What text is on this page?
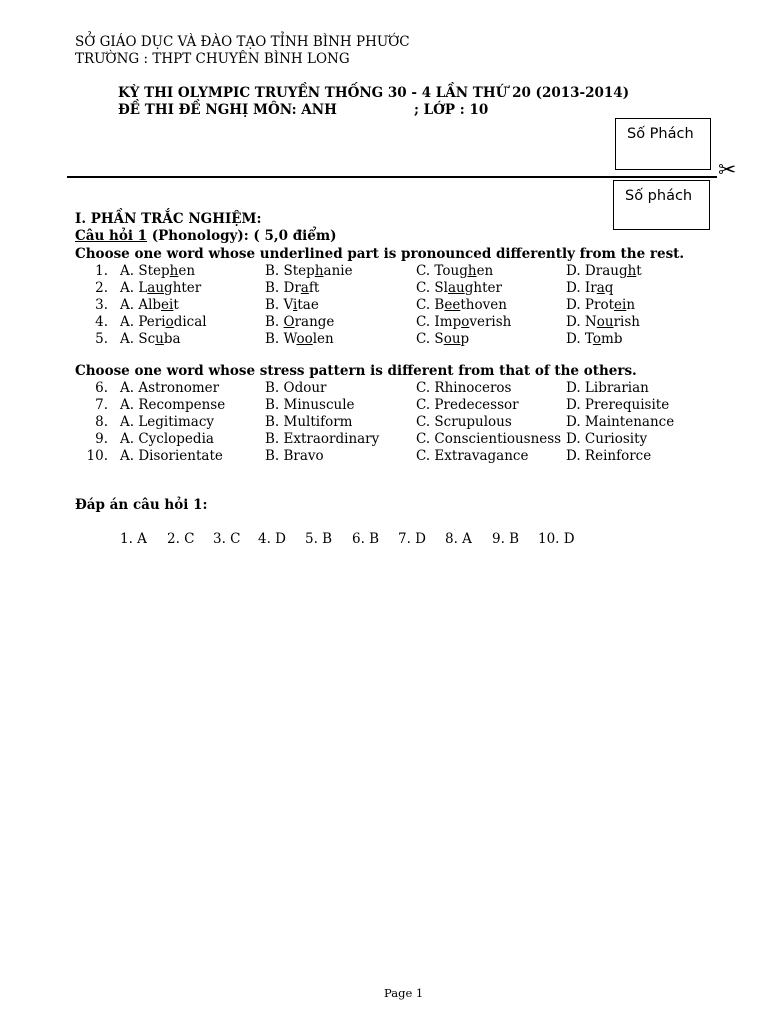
SỞ GIÁO DỤC VÀ ĐÀO TẠO TỈNH BÌNH PHƯỚC
TRƯỜNG : THPT CHUYÊN BÌNH LONG
KỲ THI OLYMPIC TRUYỀN THỐNG 30 - 4 LẦN THỨ 20 (2013-2014)
ĐỀ THI ĐỀ NGHỊ MÔN: ANH	; LỚP : 10
Số Phách
✂
Số phách
I. PHẦN TRẮC NGHIỆM:
Câu hỏi 1 (Phonology): ( 5,0 điểm)
Choose one word whose underlined part is pronounced differently from the rest.
1. A. Stephen	B. Stephanie	C. Toughen	D. Draught
2. A. Laughter	B. Draft	C. Slaughter	D. Iraq
3. A. Albeit	B. Vitae	C. Beethoven	D. Protein
4. A. Periodical	B. Orange	C. Impoverish	D. Nourish
5. A. Scuba	B. Woolen	C. Soup	D. Tomb
Choose one word whose stress pattern is different from that of the others.
6. A. Astronomer	B. Odour	C. Rhinoceros	D. Librarian
7. A. Recompense	B. Minuscule	C. Predecessor	D. Prerequisite
8. A. Legitimacy	B. Multiform	C. Scrupulous	D. Maintenance
9. A. Cyclopedia	B. Extraordinary	C. Conscientiousness D. Curiosity
10. A. Disorientate	B. Bravo	C. Extravagance	D. Reinforce
Đáp án câu hỏi 1:
1. A 2. C 3. C 4. D 5. B 6. B 7. D 8. A 9. B 10. D
Page 1
